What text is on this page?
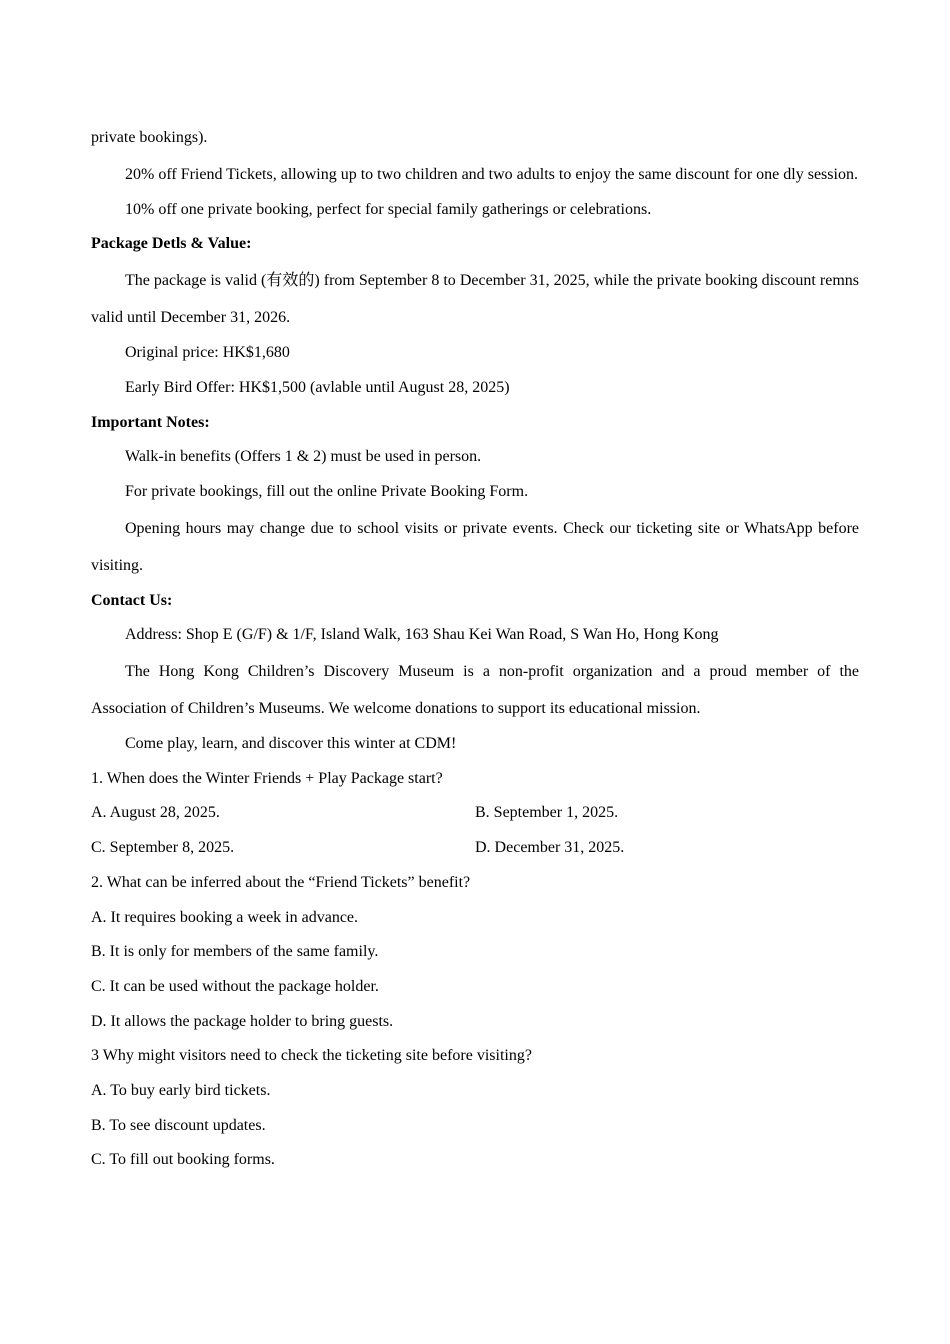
private bookings).

20% off Friend Tickets, allowing up to two children and two adults to enjoy the same discount for one dly session.

10% off one private booking, perfect for special family gatherings or celebrations.

Package Detls & Value:

The package is valid (有效的) from September 8 to December 31, 2025, while the private booking discount remns valid until December 31, 2026.

Original price: HK$1,680

Early Bird Offer: HK$1,500 (avlable until August 28, 2025)

Important Notes:

Walk-in benefits (Offers 1 & 2) must be used in person.

For private bookings, fill out the online Private Booking Form.

Opening hours may change due to school visits or private events. Check our ticketing site or WhatsApp before visiting.

Contact Us:

Address: Shop E (G/F) & 1/F, Island Walk, 163 Shau Kei Wan Road, S Wan Ho, Hong Kong

The Hong Kong Children’s Discovery Museum is a non-profit organization and a proud member of the Association of Children’s Museums. We welcome donations to support its educational mission.

Come play, learn, and discover this winter at CDM!

1. When does the Winter Friends + Play Package start?

A. August 28, 2025.	B. September 1, 2025.
C. September 8, 2025.	D. December 31, 2025.

2. What can be inferred about the “Friend Tickets” benefit?

A. It requires booking a week in advance.

B. It is only for members of the same family.

C. It can be used without the package holder.

D. It allows the package holder to bring guests.

3 Why might visitors need to check the ticketing site before visiting?

A. To buy early bird tickets.

B. To see discount updates.

C. To fill out booking forms.
